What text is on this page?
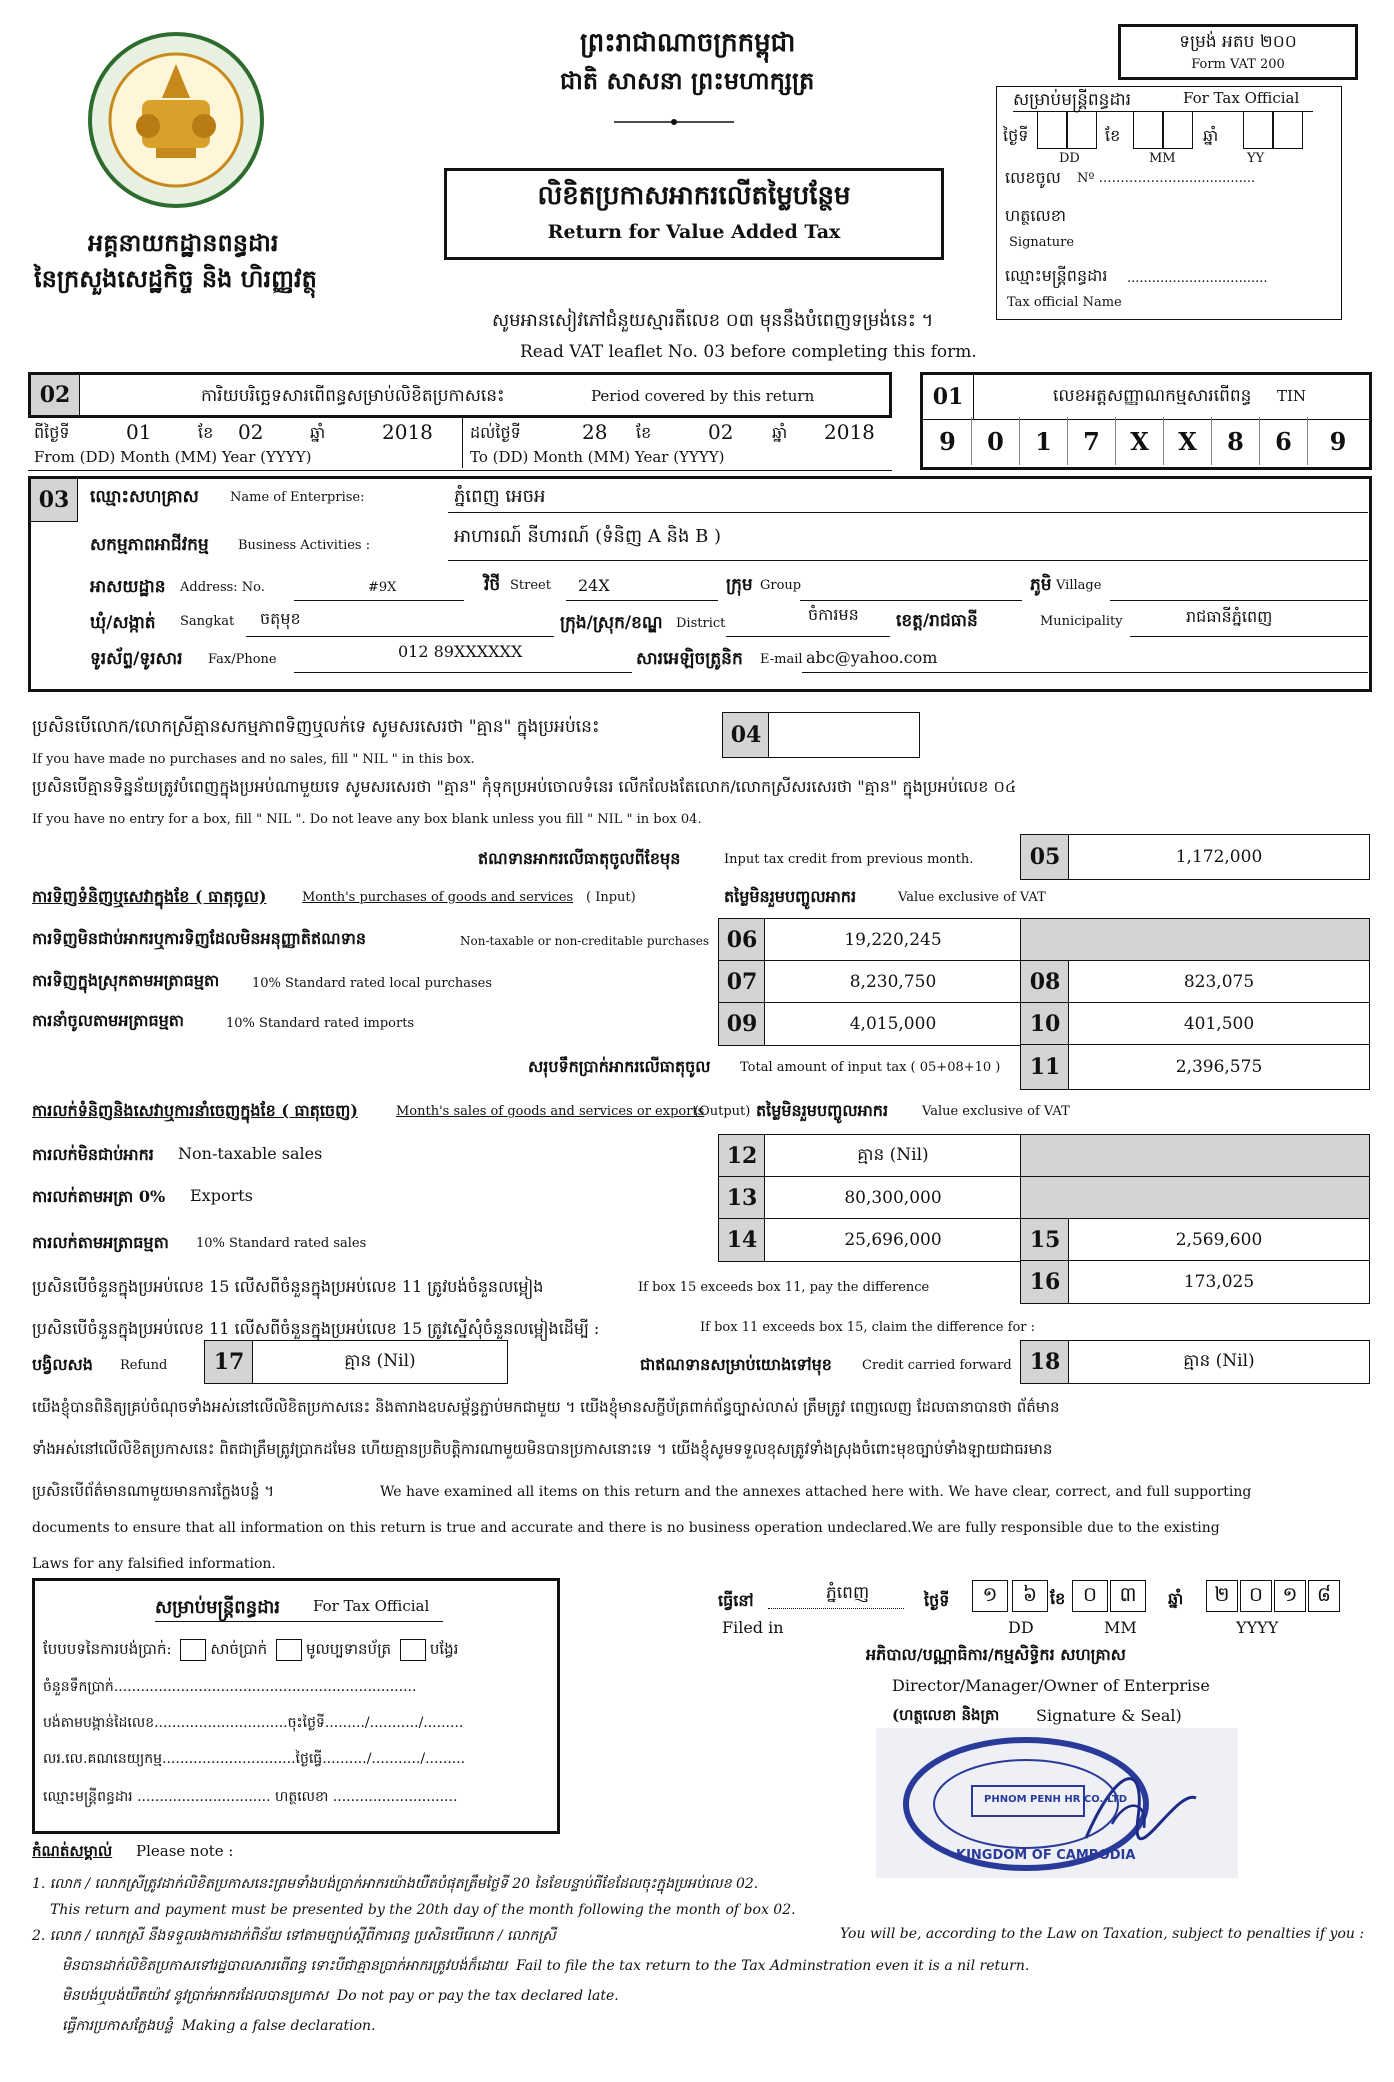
អគ្គនាយកដ្ឋានពន្ធដារ
នៃក្រសួងសេដ្ឋកិច្ច និង ហិរញ្ញវត្ថុ
ព្រះរាជាណាចក្រកម្ពុជា
ជាតិ សាសនា ព្រះមហាក្សត្រ
លិខិតប្រកាសអាករលើតម្លៃបន្ថែម
Return for Value Added Tax
សូមអានសៀវភៅជំនួយស្មារតីលេខ ០៣ មុននឹងបំពេញទម្រង់នេះ ។
Read VAT leaflet No. 03 before completing this form.
ទម្រង់ អតប ២០០
Form VAT 200
សម្រាប់មន្ត្រីពន្ធដារ	For Tax Official
ថ្ងៃទី	ខែ	ឆ្នាំ
DD	MM	YY
លេខចូល Nº ………………...................
ហត្ថលេខា
Signature
ឈ្មោះមន្ត្រីពន្ធដារ ..................................
Tax official Name
02	ការិយបរិច្ឆេទសារពើពន្ធសម្រាប់លិខិតប្រកាសនេះ	Period covered by this return
ពីថ្ងៃទី	01	ខែ 02	ឆ្នាំ	2018 ដល់ថ្ងៃទី	28 ខែ	02 ឆ្នាំ 2018
From (DD) Month (MM) Year (YYYY)	To (DD) Month (MM) Year (YYYY)
01	លេខអត្តសញ្ញាណកម្មសារពើពន្ធ TIN
9	0	1	7	X	X	8	6	9
03	ឈ្មោះសហគ្រាស Name of Enterprise:	ភ្នំពេញ អេចអ
សកម្មភាពអាជីវកម្ម Business Activities :	អាហារណ៍ នីហារណ៍ (ទំនិញ A និង B )
អាសយដ្ឋាន Address: No.	#9X	វិថី Street 24X	ក្រុម Group	ភូមិ Village
ឃុំ/សង្កាត់ Sangkat ចតុមុខ	ក្រុង/ស្រុក/ខណ្ឌ District	ចំការមន ខេត្ត/រាជធានី	Municipality	រាជធានីភ្នំពេញ
ទូរស័ព្ទ/ទូរសារ Fax/Phone	012 89XXXXXX	សារអេឡិចត្រូនិក E-mail abc@yahoo.com
ប្រសិនបើលោក/លោកស្រីគ្មានសកម្មភាពទិញឬលក់ទេ សូមសរសេរថា "គ្មាន" ក្នុងប្រអប់នេះ	04
If you have made no purchases and no sales, fill " NIL " in this box.
ប្រសិនបើគ្មានទិន្នន័យត្រូវបំពេញក្នុងប្រអប់ណាមួយទេ សូមសរសេរថា "គ្មាន" កុំទុកប្រអប់ចោលទំនេរ លើកលែងតែលោក/លោកស្រីសរសេរថា "គ្មាន" ក្នុងប្រអប់លេខ ០៤
If you have no entry for a box, fill " NIL ". Do not leave any box blank unless you fill " NIL " in box 04.
ឥណទានអាករលើធាតុចូលពីខែមុន	Input tax credit from previous month.	05	1,172,000
ការទិញទំនិញឬសេវាក្នុងខែ ( ធាតុចូល)	Month's purchases of goods and services ( Input)	តម្លៃមិនរួមបញ្ចូលអាករ	Value exclusive of VAT
ការទិញមិនជាប់អាករឬការទិញដែលមិនអនុញ្ញាតិឥណទាន	Non-taxable or non-creditable purchases 06	19,220,245
ការទិញក្នុងស្រុកតាមអត្រាធម្មតា	10% Standard rated local purchases	07	8,230,750	08	823,075
ការនាំចូលតាមអត្រាធម្មតា	10% Standard rated imports	09	4,015,000	10	401,500
សរុបទឹកប្រាក់អាករលើធាតុចូល Total amount of input tax ( 05+08+10 )	11	2,396,575
ការលក់ទំនិញនិងសេវាឬការនាំចេញក្នុងខែ ( ធាតុចេញ)	Month's sales of goods and services or exports
(Output) តម្លៃមិនរួមបញ្ចូលអាករ	Value exclusive of VAT
ការលក់មិនជាប់អាករ Non-taxable sales	12	គ្មាន (Nil)
ការលក់តាមអត្រា 0% Exports	13	80,300,000
ការលក់តាមអត្រាធម្មតា 10% Standard rated sales	14	25,696,000	15	2,569,600
ប្រសិនបើចំនួនក្នុងប្រអប់លេខ 15 លើសពីចំនួនក្នុងប្រអប់លេខ 11 ត្រូវបង់ចំនួនលម្អៀង	If box 15 exceeds box 11, pay the difference	16	173,025
ប្រសិនបើចំនួនក្នុងប្រអប់លេខ 11 លើសពីចំនួនក្នុងប្រអប់លេខ 15 ត្រូវស្នើសុំចំនួនលម្អៀងដើម្បី :	If box 11 exceeds box 15, claim the difference for :
បង្វិលសង Refund	17	គ្មាន (Nil)	ជាឥណទានសម្រាប់យោងទៅមុខ Credit carried forward 18	គ្មាន (Nil)
យើងខ្ញុំបានពិនិត្យគ្រប់ចំណុចទាំងអស់នៅលើលិខិតប្រកាសនេះ និងតារាងឧបសម្ព័ន្ធភ្ជាប់មកជាមួយ ។ យើងខ្ញុំមានសក្ខីប័ត្រពាក់ព័ន្ធច្បាស់លាស់ ត្រឹមត្រូវ ពេញលេញ ដែលធានាបានថា ព័ត៌មាន
ទាំងអស់នៅលើលិខិតប្រកាសនេះ ពិតជាត្រឹមត្រូវប្រាកដមែន ហើយគ្មានប្រតិបត្តិការណាមួយមិនបានប្រកាសនោះទេ ។ យើងខ្ញុំសូមទទួលខុសត្រូវទាំងស្រុងចំពោះមុខច្បាប់ទាំងឡាយជាធរមាន
ប្រសិនបើព័ត៌មានណាមួយមានការក្លែងបន្លំ ។	We have examined all items on this return and the annexes attached here with. We have clear, correct, and full supporting
documents to ensure that all information on this return is true and accurate and there is no business operation undeclared.We are fully responsible due to the existing
Laws for any falsified information.
សម្រាប់មន្ត្រីពន្ធដារ For Tax Official
បែបបទនៃការបង់ប្រាក់:	សាច់ប្រាក់	មូលប្បទានប័ត្រ	បង្វែរ
ចំនួនទឹកប្រាក់....................................................................
បង់តាមបង្កាន់ដៃលេខ..............................ចុះថ្ងៃទី........./.........../.........
លរ.លេ.គណនេយ្យកម្ម..............................ថ្ងៃធ្វើ........../.........../.........
ឈ្មោះមន្ត្រីពន្ធដារ .............................. ហត្ថលេខា ............................
ធ្វើនៅ	ភ្នំពេញ
Filed in
ថ្ងៃទី	១	៦ ខែ ០	៣	ឆ្នាំ	២ ០ ១ ៨
DD	MM	YYYY
អភិបាល/បណ្ណាធិការ/កម្មសិទ្ធិករ សហគ្រាស
Director/Manager/Owner of Enterprise
(ហត្ថលេខា និងត្រា Signature & Seal)
PHNOM PENH HR CO.,LTD
KINGDOM OF CAMBODIA
កំណត់សម្គាល់ Please note :
1. លោក / លោកស្រីត្រូវដាក់លិខិតប្រកាសនេះព្រមទាំងបង់ប្រាក់អាករយ៉ាងយឺតបំផុតត្រឹមថ្ងៃទី 20 នៃខែបន្ទាប់ពីខែដែលចុះក្នុងប្រអប់លេខ 02.
This return and payment must be presented by the 20th day of the month following the month of box 02.
2. លោក / លោកស្រី នឹងទទួលរងការដាក់ពិន័យ ទៅតាមច្បាប់ស្តីពីការពន្ធ ប្រសិនបើលោក / លោកស្រី	You will be, according to the Law on Taxation, subject to penalties if you :
មិនបានដាក់លិខិតប្រកាសទៅរដ្ឋបាលសារពើពន្ធ ទោះបីជាគ្មានប្រាក់អាករត្រូវបង់ក៏ដោយ Fail to file the tax return to the Tax Adminstration even it is a nil return.
មិនបង់ឬបង់យឺតយ៉ាវ នូវប្រាក់អាករដែលបានប្រកាស Do not pay or pay the tax declared late.
ធ្វើការប្រកាសក្លែងបន្លំ Making a false declaration.
